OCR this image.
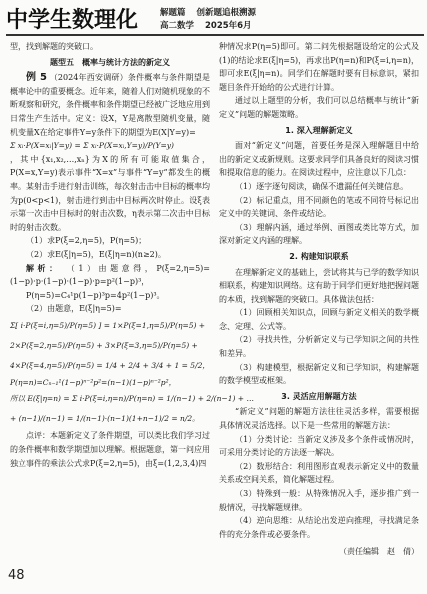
中学生数理化	解题篇 创新题追根溯源
高二数学 2025年6月

型，找到解题的突破口。

题型五　概率与统计方法的新定义

例 5 （2024年西安调研）条件概率与条件期望是概率论中的重要概念。近年来，随着人们对随机现象的不断观察和研究，条件概率和条件期望已经被广泛地应用到日常生产生活中。定义：设X，Y是离散型随机变量，随机变量X在给定事件Y=y条件下的期望为E(X|Y=y)=

Σ xᵢ·P(X=xᵢ|Y=y) = Σ xᵢ·P(X=xᵢ,Y=y)/P(Y=y)

，其中{x₁,x₂,…,xₙ}为X的所有可能取值集合，P(X=x,Y=y)表示事件“X=x”与事件“Y=y”都发生的概率。某射击手进行射击训练，每次射击击中目标的概率均为p(0<p<1)，射击进行到击中目标两次时停止。设ξ表示第一次击中目标时的射击次数，η表示第二次击中目标时的射击次数。

（1）求P(ξ=2,η=5)，P(η=5)；

（2）求E(ξ|η=5)，E(ξ|η=n)(n≥2)。

解析： （1）由题意得，P(ξ=2,η=5)=(1−p)·p·(1−p)·(1−p)·p=p²(1−p)³，

P(η=5)=C₄¹p(1−p)³p=4p²(1−p)³。

（2）由题意，E(ξ|η=5)=

Σ[ i·P(ξ=i,η=5)/P(η=5) ] = 1×P(ξ=1,η=5)/P(η=5) +

2×P(ξ=2,η=5)/P(η=5) + 3×P(ξ=3,η=5)/P(η=5) +

4×P(ξ=4,η=5)/P(η=5) = 1/4 + 2/4 + 3/4 + 1 = 5/2，

P(η=n)=Cₙ₋₁¹(1−p)ⁿ⁻²p²=(n−1)(1−p)ⁿ⁻²p²，

所以 E(ξ|η=n) = Σ i·P(ξ=i,η=n)/P(η=n) = 1/(n−1) + 2/(n−1) + …

+ (n−1)/(n−1) = 1/(n−1)·(n−1)(1+n−1)/2 = n/2。

点评：本题新定义了条件期望，可以类比我们学习过的条件概率和数学期望加以理解。根据题意，第一问应用独立事件的乘法公式求P(ξ=2,η=5)，由ξ=(1,2,3,4)四

种情况求P(η=5)即可。第二问先根据题设给定的公式及(1)的结论求E(ξ|η=5)，再求出P(η=n)和P(ξ=i,η=n)，即可求E(ξ|η=n)。同学们在解题时要有目标意识，紧扣题目条件开始给的公式进行计算。

通过以上题型的分析，我们可以总结概率与统计“新定义”问题的解题策略。

1. 深入理解新定义

面对“新定义”问题，首要任务是深入理解题目中给出的新定义或新规则。这要求同学们具备良好的阅读习惯和提取信息的能力。在阅读过程中，应注意以下几点：

（1）逐字逐句阅读，确保不遗漏任何关键信息。

（2）标记重点，用不同颜色的笔或不同符号标记出定义中的关键词、条件或结论。

（3）理解内涵，通过举例、画图或类比等方式，加深对新定义内涵的理解。

2. 构建知识联系

在理解新定义的基础上，尝试将其与已学的数学知识相联系，构建知识网络。这有助于同学们更好地把握问题的本质，找到解题的突破口。具体做法包括：

（1）回顾相关知识点，回顾与新定义相关的数学概念、定理、公式等。

（2）寻找共性，分析新定义与已学知识之间的共性和差异。

（3）构建模型，根据新定义和已学知识，构建解题的数学模型或框架。

3. 灵活应用解题方法

“新定义”问题的解题方法往往灵活多样，需要根据具体情况灵活选择。以下是一些常用的解题方法：

（1）分类讨论：当新定义涉及多个条件或情况时，可采用分类讨论的方法逐一解决。

（2）数形结合：利用图形直观表示新定义中的数量关系或空间关系，简化解题过程。

（3）特殊到一般：从特殊情况入手，逐步推广到一般情况，寻找解题规律。

（4）逆向思维：从结论出发逆向推理，寻找满足条件的充分条件或必要条件。

（责任编辑　赵　倩）

48
